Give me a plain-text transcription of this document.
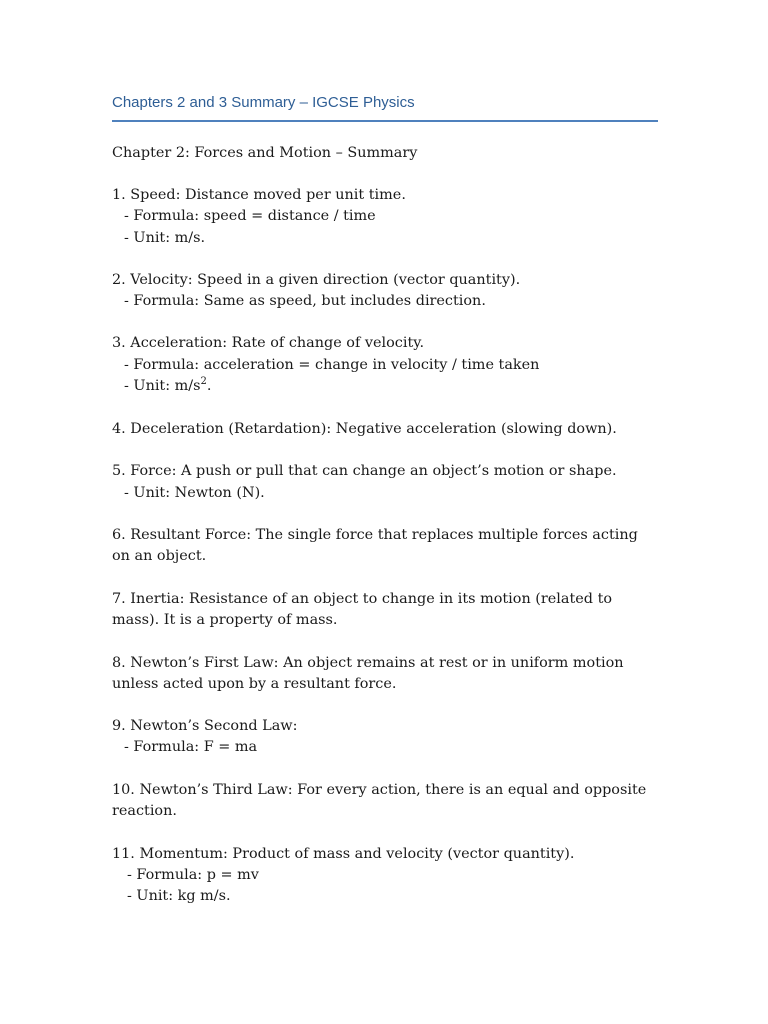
Chapters 2 and 3 Summary – IGCSE Physics
Chapter 2: Forces and Motion – Summary
1. Speed: Distance moved per unit time.
- Formula: speed = distance / time
- Unit: m/s.
2. Velocity: Speed in a given direction (vector quantity).
- Formula: Same as speed, but includes direction.
3. Acceleration: Rate of change of velocity.
- Formula: acceleration = change in velocity / time taken
- Unit: $m/s^2$.
4. Deceleration (Retardation): Negative acceleration (slowing down).
5. Force: A push or pull that can change an object’s motion or shape.
- Unit: Newton (N).
6. Resultant Force: The single force that replaces multiple forces acting
on an object.
7. Inertia: Resistance of an object to change in its motion (related to
mass). It is a property of mass.
8. Newton’s First Law: An object remains at rest or in uniform motion
unless acted upon by a resultant force.
9. Newton’s Second Law:
- Formula: F = ma
10. Newton’s Third Law: For every action, there is an equal and opposite
reaction.
11. Momentum: Product of mass and velocity (vector quantity).
- Formula: p = mv
- Unit: kg m/s.
